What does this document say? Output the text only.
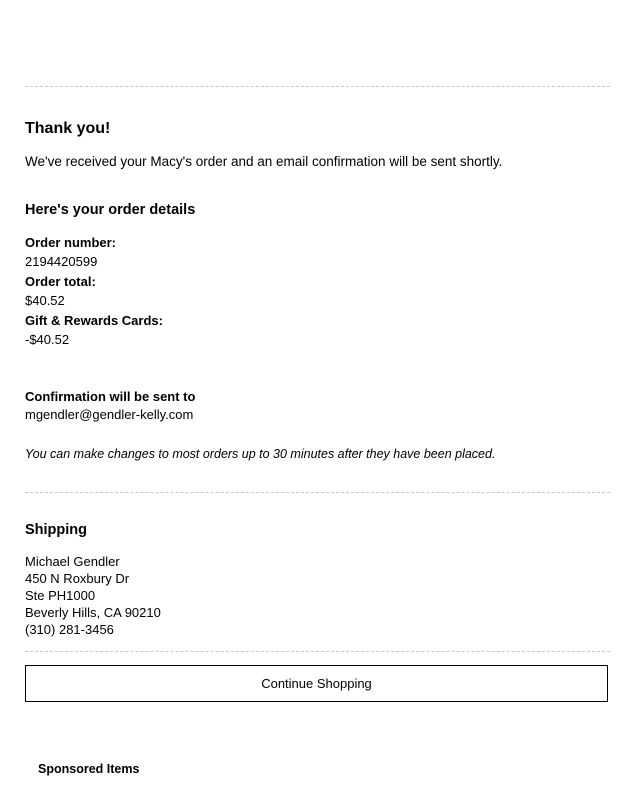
Thank you!
We've received your Macy's order and an email confirmation will be sent shortly.
Here's your order details
Order number:
2194420599
Order total:
$40.52
Gift & Rewards Cards:
-$40.52
Confirmation will be sent to
mgendler@gendler-kelly.com
You can make changes to most orders up to 30 minutes after they have been placed.
Shipping
Michael Gendler
450 N Roxbury Dr
Ste PH1000
Beverly Hills, CA 90210
(310) 281-3456
Continue Shopping
Sponsored Items
